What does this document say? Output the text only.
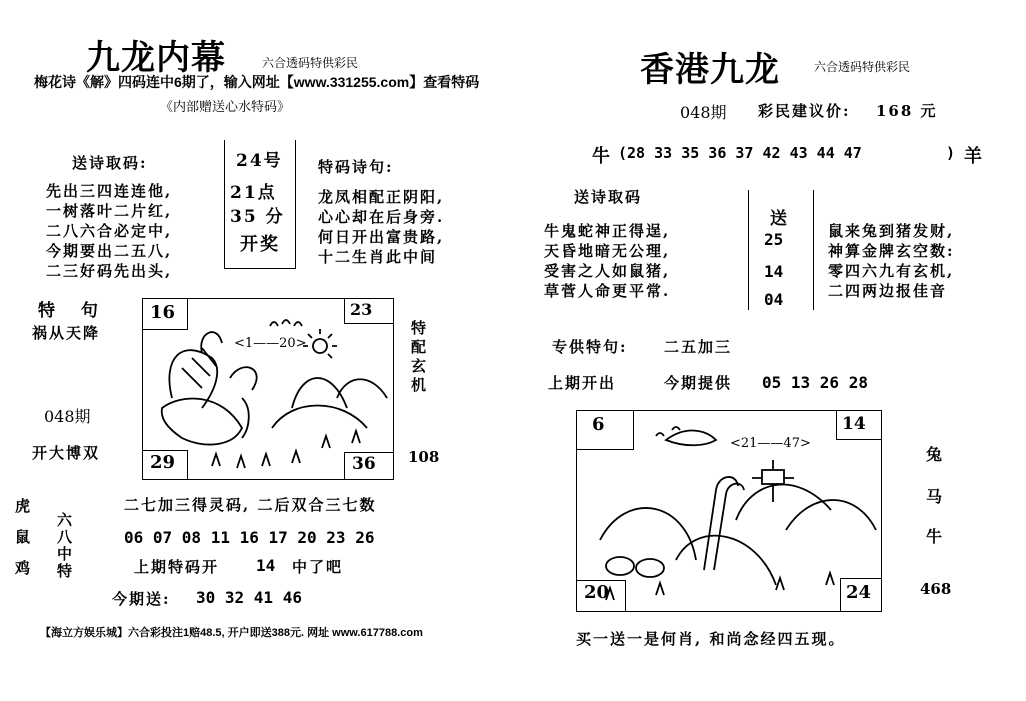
九龙内幕	六合透码特供彩民
梅花诗《解》四码连中6期了，输入网址【www.331255.com】查看特码
《内部赠送心水特码》
送诗取码:
先出三四连连他,
一树落叶二片红,
二八六合必定中,
今期要出二五八,
二三好码先出头,
24号
21点
35 分
开奖
特码诗句:
龙凤相配正阴阳,
心心却在后身旁.
何日开出富贵路,
十二生肖此中间
特 句
祸从天降
048期
开大博双
16	23
29	36
<1——20>	特配玄机
108
虎鼠鸡 六八中特
二七加三得灵码, 二后双合三七数
06 07 08 11 16 17 20 23 26
上期特码开 14 中了吧
今期送: 30 32 41 46
【海立方娱乐城】六合彩投注1赔48.5, 开户即送388元. 网址 www.617788.com
香港九龙	六合透码特供彩民
048期 彩民建议价: 168 元
牛 (28 33 35 36 37 42 43 44 47	) 羊
送诗取码
牛鬼蛇神正得逞,
天昏地暗无公理,
受害之人如鼠猪,
草菅人命更平常.
送
25
14
04
鼠来兔到猪发财,
神算金牌玄空数:
零四六九有玄机,
二四两边报佳音
专供特句: 二五加三
上期开出	今期提供 05 13 26 28
6	14
20	24
<21——47>
兔
马
牛
468
买一送一是何肖, 和尚念经四五现。
